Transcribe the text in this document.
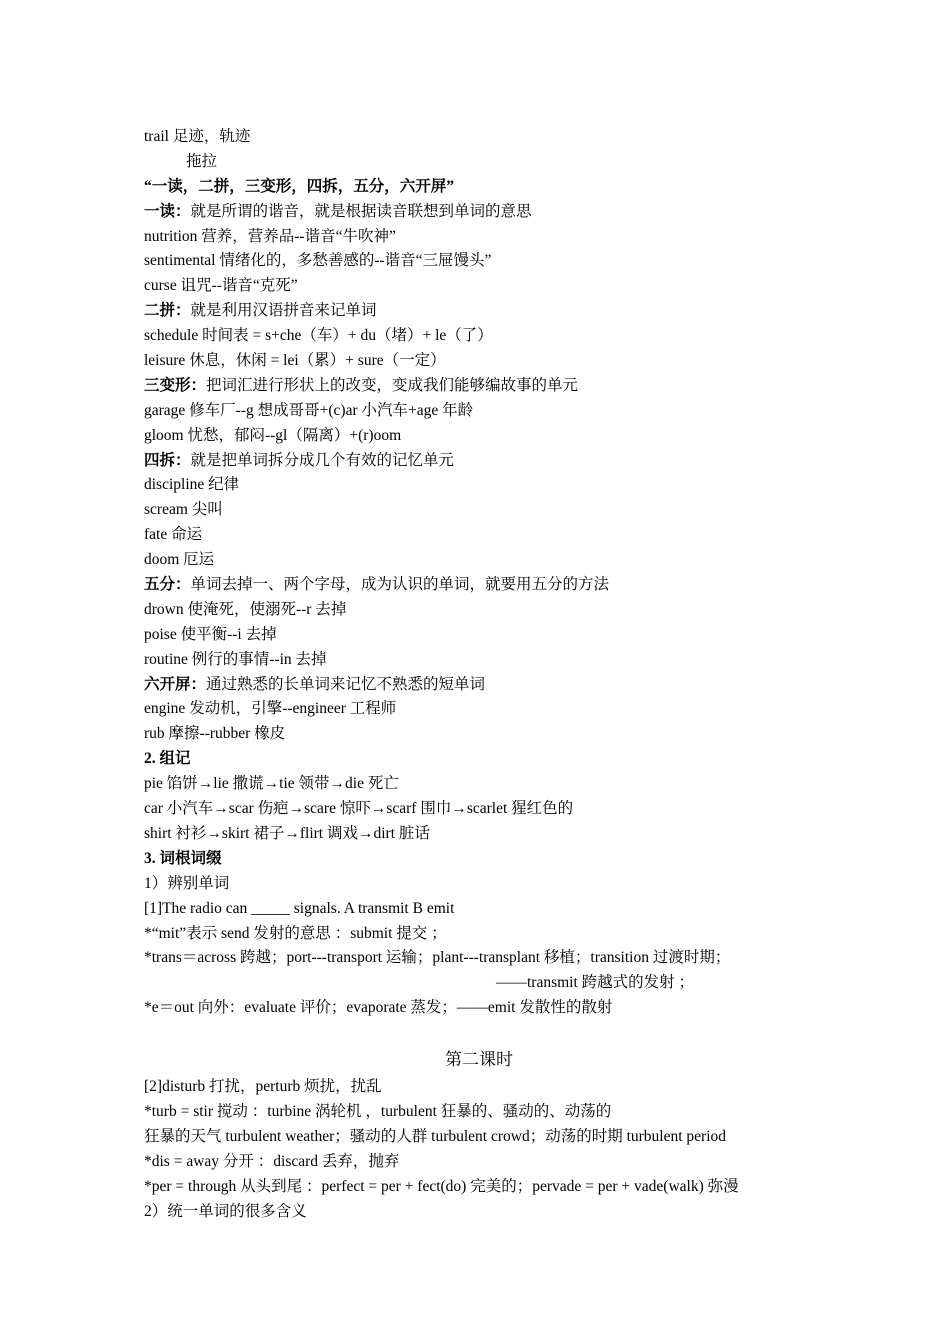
trail 足迹，轨迹
拖拉
“一读，二拼，三变形，四拆，五分，六开屏”
一读：就是所谓的谐音，就是根据读音联想到单词的意思
nutrition 营养，营养品--谐音“牛吹神”
sentimental 情绪化的，多愁善感的--谐音“三屉馒头”
curse 诅咒--谐音“克死”
二拼：就是利用汉语拼音来记单词
schedule 时间表 = s+che（车）+ du（堵）+ le（了）
leisure 休息，休闲 = lei（累）+ sure（一定）
三变形：把词汇进行形状上的改变，变成我们能够编故事的单元
garage 修车厂--g 想成哥哥+(c)ar 小汽车+age 年龄
gloom 忧愁，郁闷--gl（隔离）+(r)oom
四拆：就是把单词拆分成几个有效的记忆单元
discipline 纪律
scream 尖叫
fate 命运
doom 厄运
五分：单词去掉一、两个字母，成为认识的单词，就要用五分的方法
drown 使淹死，使溺死--r 去掉
poise 使平衡--i 去掉
routine 例行的事情--in 去掉
六开屏：通过熟悉的长单词来记忆不熟悉的短单词
engine 发动机，引擎--engineer 工程师
rub 摩擦--rubber 橡皮
2. 组记
pie 馅饼→lie 撒谎→tie 领带→die 死亡
car 小汽车→scar 伤疤→scare 惊吓→scarf 围巾→scarlet 猩红色的
shirt 衬衫→skirt 裙子→flirt 调戏→dirt 脏话
3. 词根词缀
1）辨别单词
[1]The radio can _____ signals. A transmit B emit
*“mit”表示 send 发射的意思 ：submit 提交 ；
*trans＝across 跨越；port---transport 运输；plant---transplant 移植；transition 过渡时期；
——transmit 跨越式的发射 ；
*e＝out 向外：evaluate 评价；evaporate 蒸发；——emit 发散性的散射
第二课时
[2]disturb 打扰，perturb 烦扰，扰乱
*turb = stir 搅动 ：turbine 涡轮机 ，turbulent 狂暴的、骚动的、动荡的
狂暴的天气 turbulent weather；骚动的人群 turbulent crowd；动荡的时期 turbulent period
*dis = away 分开 ：discard 丢弃，抛弃
*per = through 从头到尾 ：perfect = per + fect(do) 完美的；pervade = per + vade(walk) 弥漫
2）统一单词的很多含义
